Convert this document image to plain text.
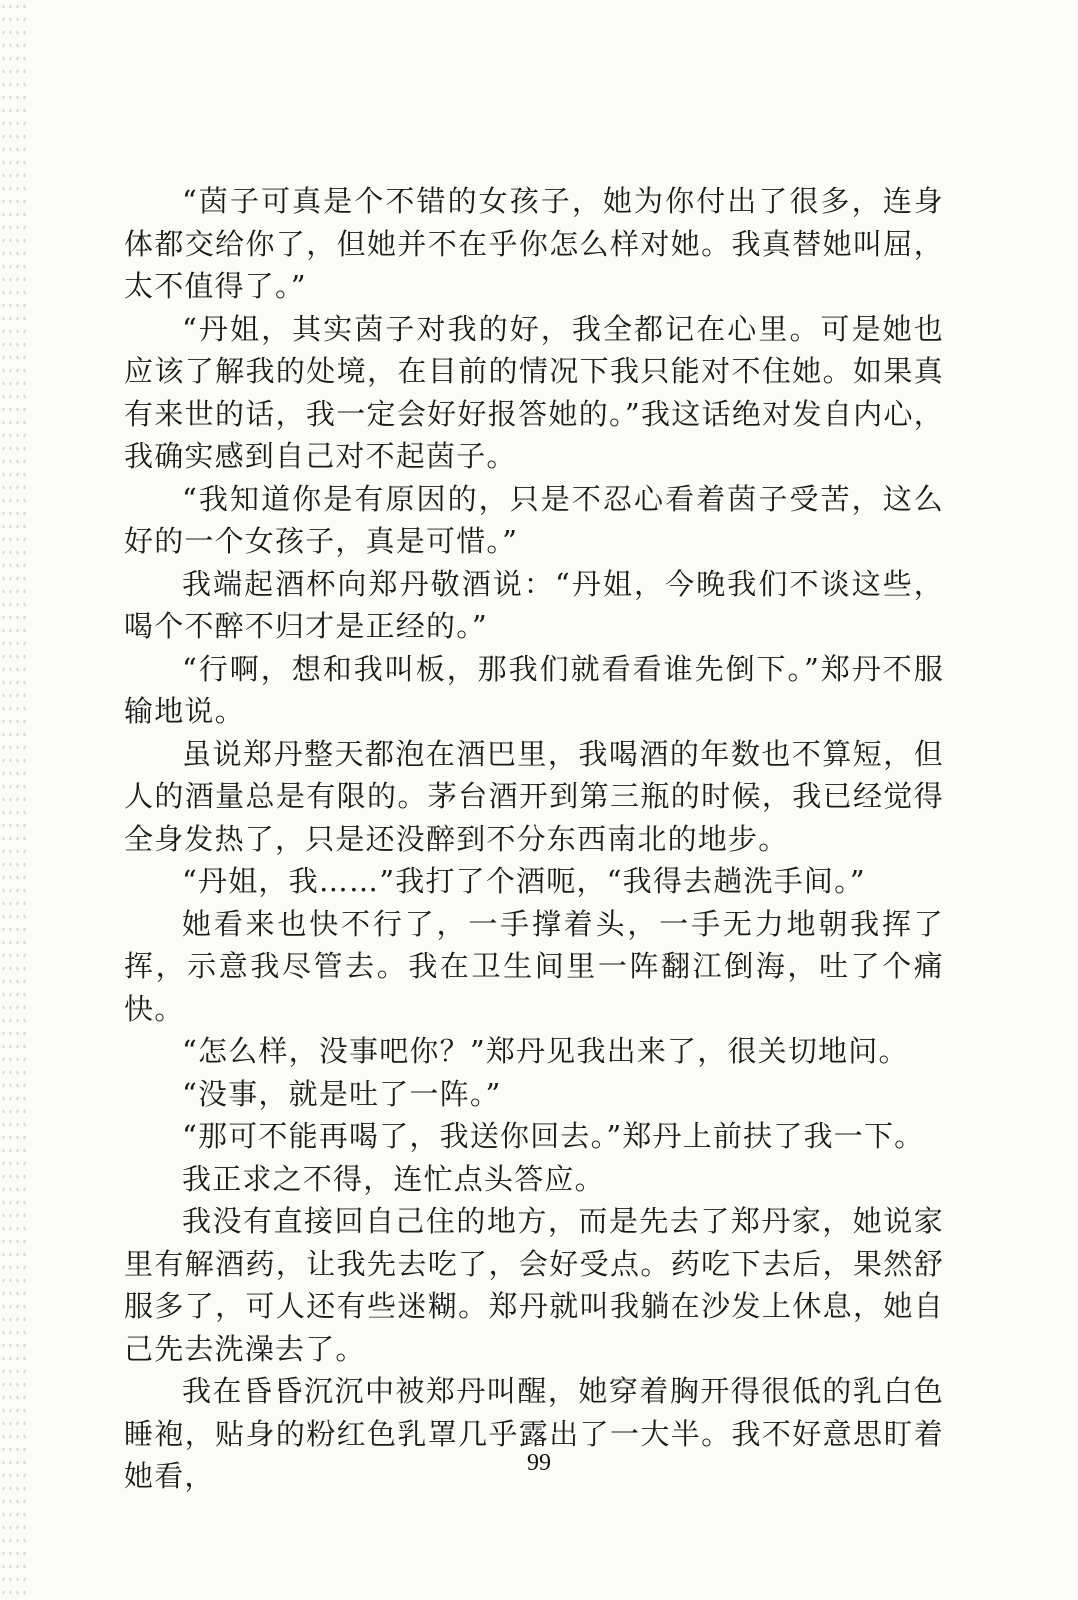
“茵子可真是个不错的女孩子，她为你付出了很多，连身体都交给你了，但她并不在乎你怎么样对她。我真替她叫屈，太不值得了。”

“丹姐，其实茵子对我的好，我全都记在心里。可是她也应该了解我的处境，在目前的情况下我只能对不住她。如果真有来世的话，我一定会好好报答她的。”我这话绝对发自内心，我确实感到自己对不起茵子。

“我知道你是有原因的，只是不忍心看着茵子受苦，这么好的一个女孩子，真是可惜。”

我端起酒杯向郑丹敬酒说：“丹姐，今晚我们不谈这些，喝个不醉不归才是正经的。”

“行啊，想和我叫板，那我们就看看谁先倒下。”郑丹不服输地说。

虽说郑丹整天都泡在酒巴里，我喝酒的年数也不算短，但人的酒量总是有限的。茅台酒开到第三瓶的时候，我已经觉得全身发热了，只是还没醉到不分东西南北的地步。

“丹姐，我……”我打了个酒呃，“我得去趟洗手间。”

她看来也快不行了，一手撑着头，一手无力地朝我挥了挥，示意我尽管去。我在卫生间里一阵翻江倒海，吐了个痛快。

“怎么样，没事吧你？”郑丹见我出来了，很关切地问。

“没事，就是吐了一阵。”

“那可不能再喝了，我送你回去。”郑丹上前扶了我一下。

我正求之不得，连忙点头答应。

我没有直接回自己住的地方，而是先去了郑丹家，她说家里有解酒药，让我先去吃了，会好受点。药吃下去后，果然舒服多了，可人还有些迷糊。郑丹就叫我躺在沙发上休息，她自己先去洗澡去了。

我在昏昏沉沉中被郑丹叫醒，她穿着胸开得很低的乳白色睡袍，贴身的粉红色乳罩几乎露出了一大半。我不好意思盯着她看，	99
